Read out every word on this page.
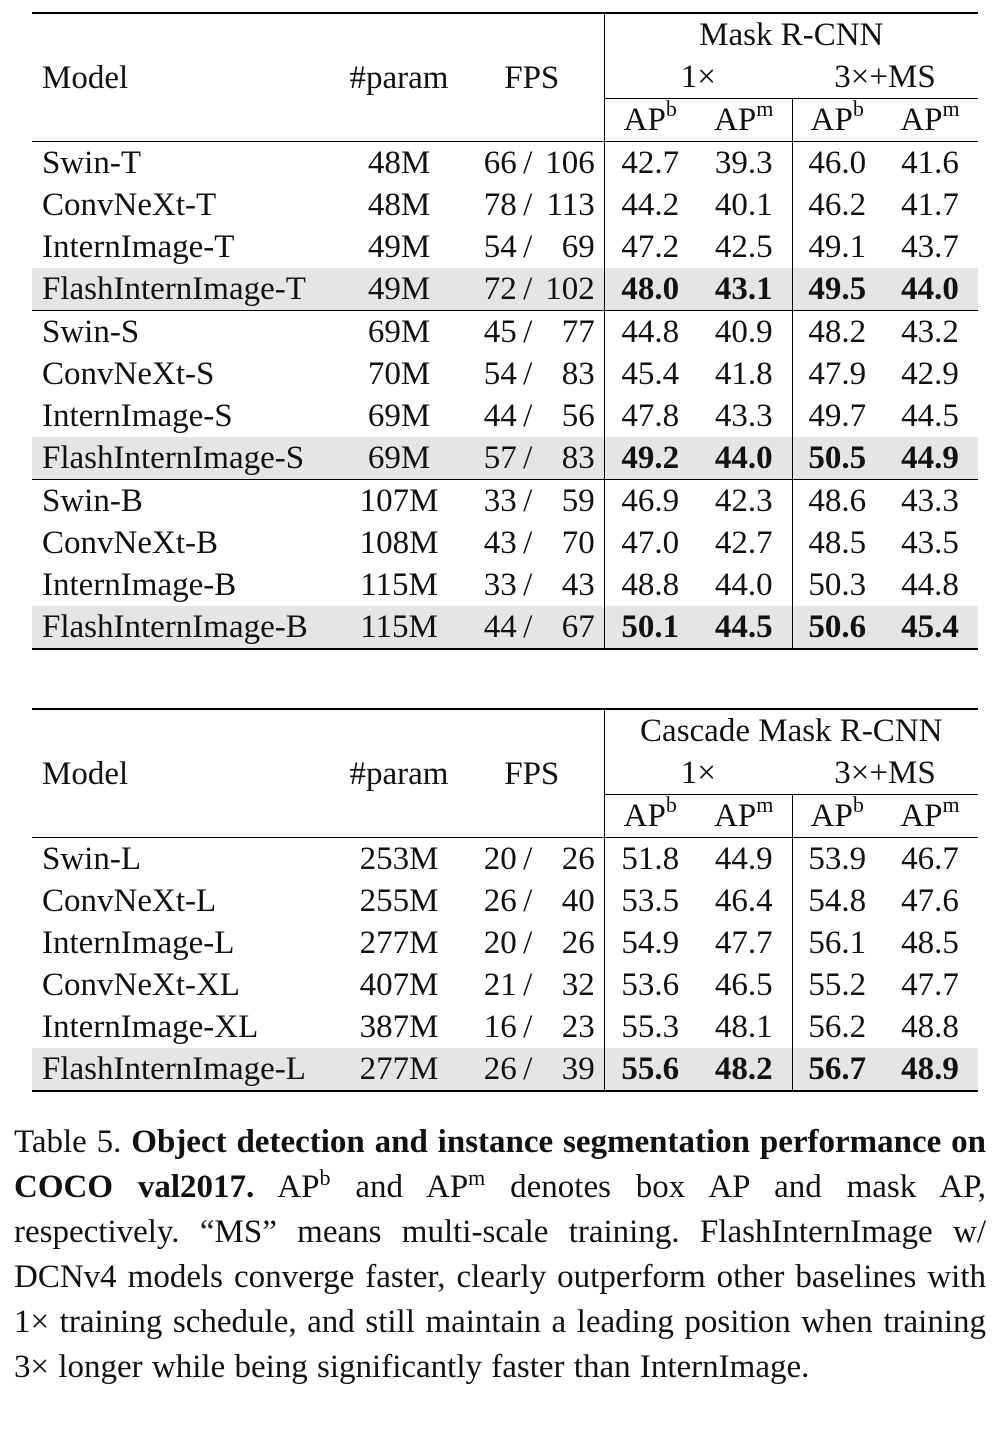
Model	#param	FPS	Mask R-CNN			
			1×		3×+MS	
			$AP^b$	$AP^m$	$AP^b$	$AP^m$
Swin-T	48M	66 / 106	42.7	39.3	46.0	41.6
ConvNeXt-T	48M	78 / 113	44.2	40.1	46.2	41.7
InternImage-T	49M	54 / 69	47.2	42.5	49.1	43.7
FlashInternImage-T	49M	72 / 102	48.0	43.1	49.5	44.0
Swin-S	69M	45 / 77	44.8	40.9	48.2	43.2
ConvNeXt-S	70M	54 / 83	45.4	41.8	47.9	42.9
InternImage-S	69M	44 / 56	47.8	43.3	49.7	44.5
FlashInternImage-S	69M	57 / 83	49.2	44.0	50.5	44.9
Swin-B	107M	33 / 59	46.9	42.3	48.6	43.3
ConvNeXt-B	108M	43 / 70	47.0	42.7	48.5	43.5
InternImage-B	115M	33 / 43	48.8	44.0	50.3	44.8
FlashInternImage-B	115M	44 / 67	50.1	44.5	50.6	45.4
Model	#param	FPS	Cascade Mask R-CNN			
			1×		3×+MS	
			$AP^b$	$AP^m$	$AP^b$	$AP^m$
Swin-L	253M	20 / 26	51.8	44.9	53.9	46.7
ConvNeXt-L	255M	26 / 40	53.5	46.4	54.8	47.6
InternImage-L	277M	20 / 26	54.9	47.7	56.1	48.5
ConvNeXt-XL	407M	21 / 32	53.6	46.5	55.2	47.7
InternImage-XL	387M	16 / 23	55.3	48.1	56.2	48.8
FlashInternImage-L	277M	26 / 39	55.6	48.2	56.7	48.9
Table 5. Object detection and instance segmentation performance on COCO val2017. $AP^b$ and $AP^m$ denotes box AP and mask AP, respectively. “MS” means multi-scale training. FlashInternImage w/ DCNv4 models converge faster, clearly outperform other baselines with 1× training schedule, and still maintain a leading position when training 3× longer while being significantly faster than InternImage.
